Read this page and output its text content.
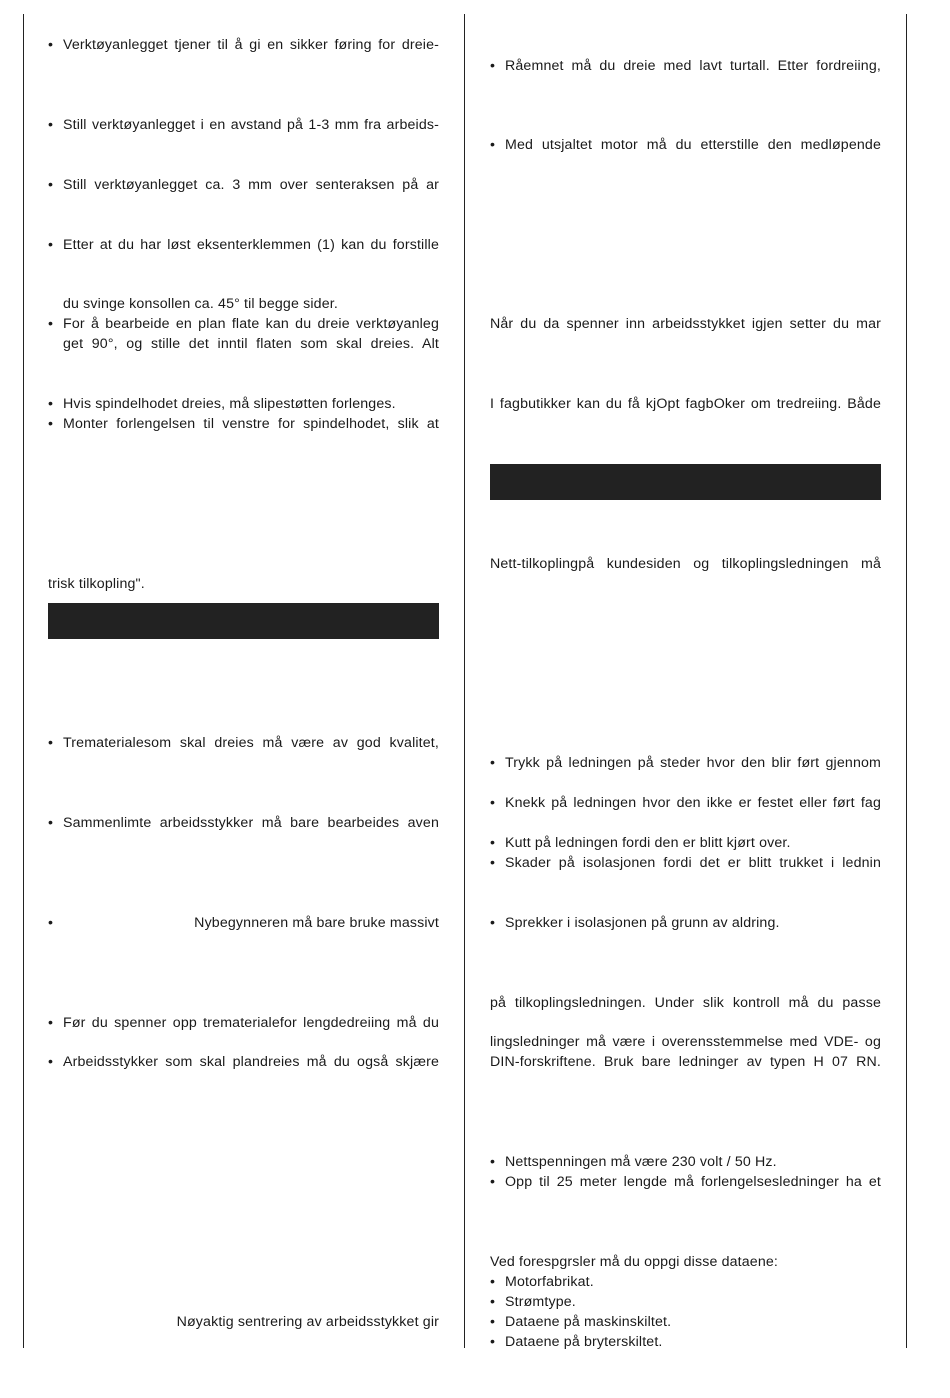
• Verktøyanlegget tjener til å gi en sikker føring for dreie-
• Still verktøyanlegget i en avstand på 1-3 mm fra arbeids-
• Still verktøyanlegget ca. 3 mm over senteraksen på ar
• Etter at du har løst eksenterklemmen (1) kan du forstille
du svinge konsollen ca. 45° til begge sider.
• For å bearbeide en plan flate kan du dreie verktøyanleg
get 90°, og stille det inntil flaten som skal dreies. Alt
• Hvis spindelhodet dreies, må slipestøtten forlenges.
• Monter forlengelsen til venstre for spindelhodet, slik at
trisk tilkopling".
• Trematerialesom skal dreies må være av god kvalitet,
• Sammenlimte arbeidsstykker må bare bearbeides aven
•	Nybegynneren må bare bruke massivt
• Før du spenner opp trematerialefor lengdedreiing må du
• Arbeidsstykker som skal plandreies må du også skjære
Nøyaktig sentrering av arbeidsstykket gir
• Råemnet må du dreie med lavt turtall. Etter fordreiing,
• Med utsjaltet motor må du etterstille den medløpende
Når du da spenner inn arbeidsstykket igjen setter du mar
I fagbutikker kan du få kjOpt fagbOker om tredreiing. Både
Nett-tilkoplingpå kundesiden og tilkoplingsledningen må
• Trykk på ledningen på steder hvor den blir ført gjennom
• Knekk på ledningen hvor den ikke er festet eller ført fag
• Kutt på ledningen fordi den er blitt kjørt over.
• Skader på isolasjonen fordi det er blitt trukket i lednin
• Sprekker i isolasjonen på grunn av aldring.
på tilkoplingsledningen. Under slik kontroll må du passe
lingsledninger må være i overensstemmelse med VDE- og
DIN-forskriftene. Bruk bare ledninger av typen H 07 RN.
• Nettspenningen må være 230 volt / 50 Hz.
• Opp til 25 meter lengde må forlengelsesledninger ha et
Ved forespgrsler må du oppgi disse dataene:
• Motorfabrikat.
• Strømtype.
• Dataene på maskinskiltet.
• Dataene på bryterskiltet.
